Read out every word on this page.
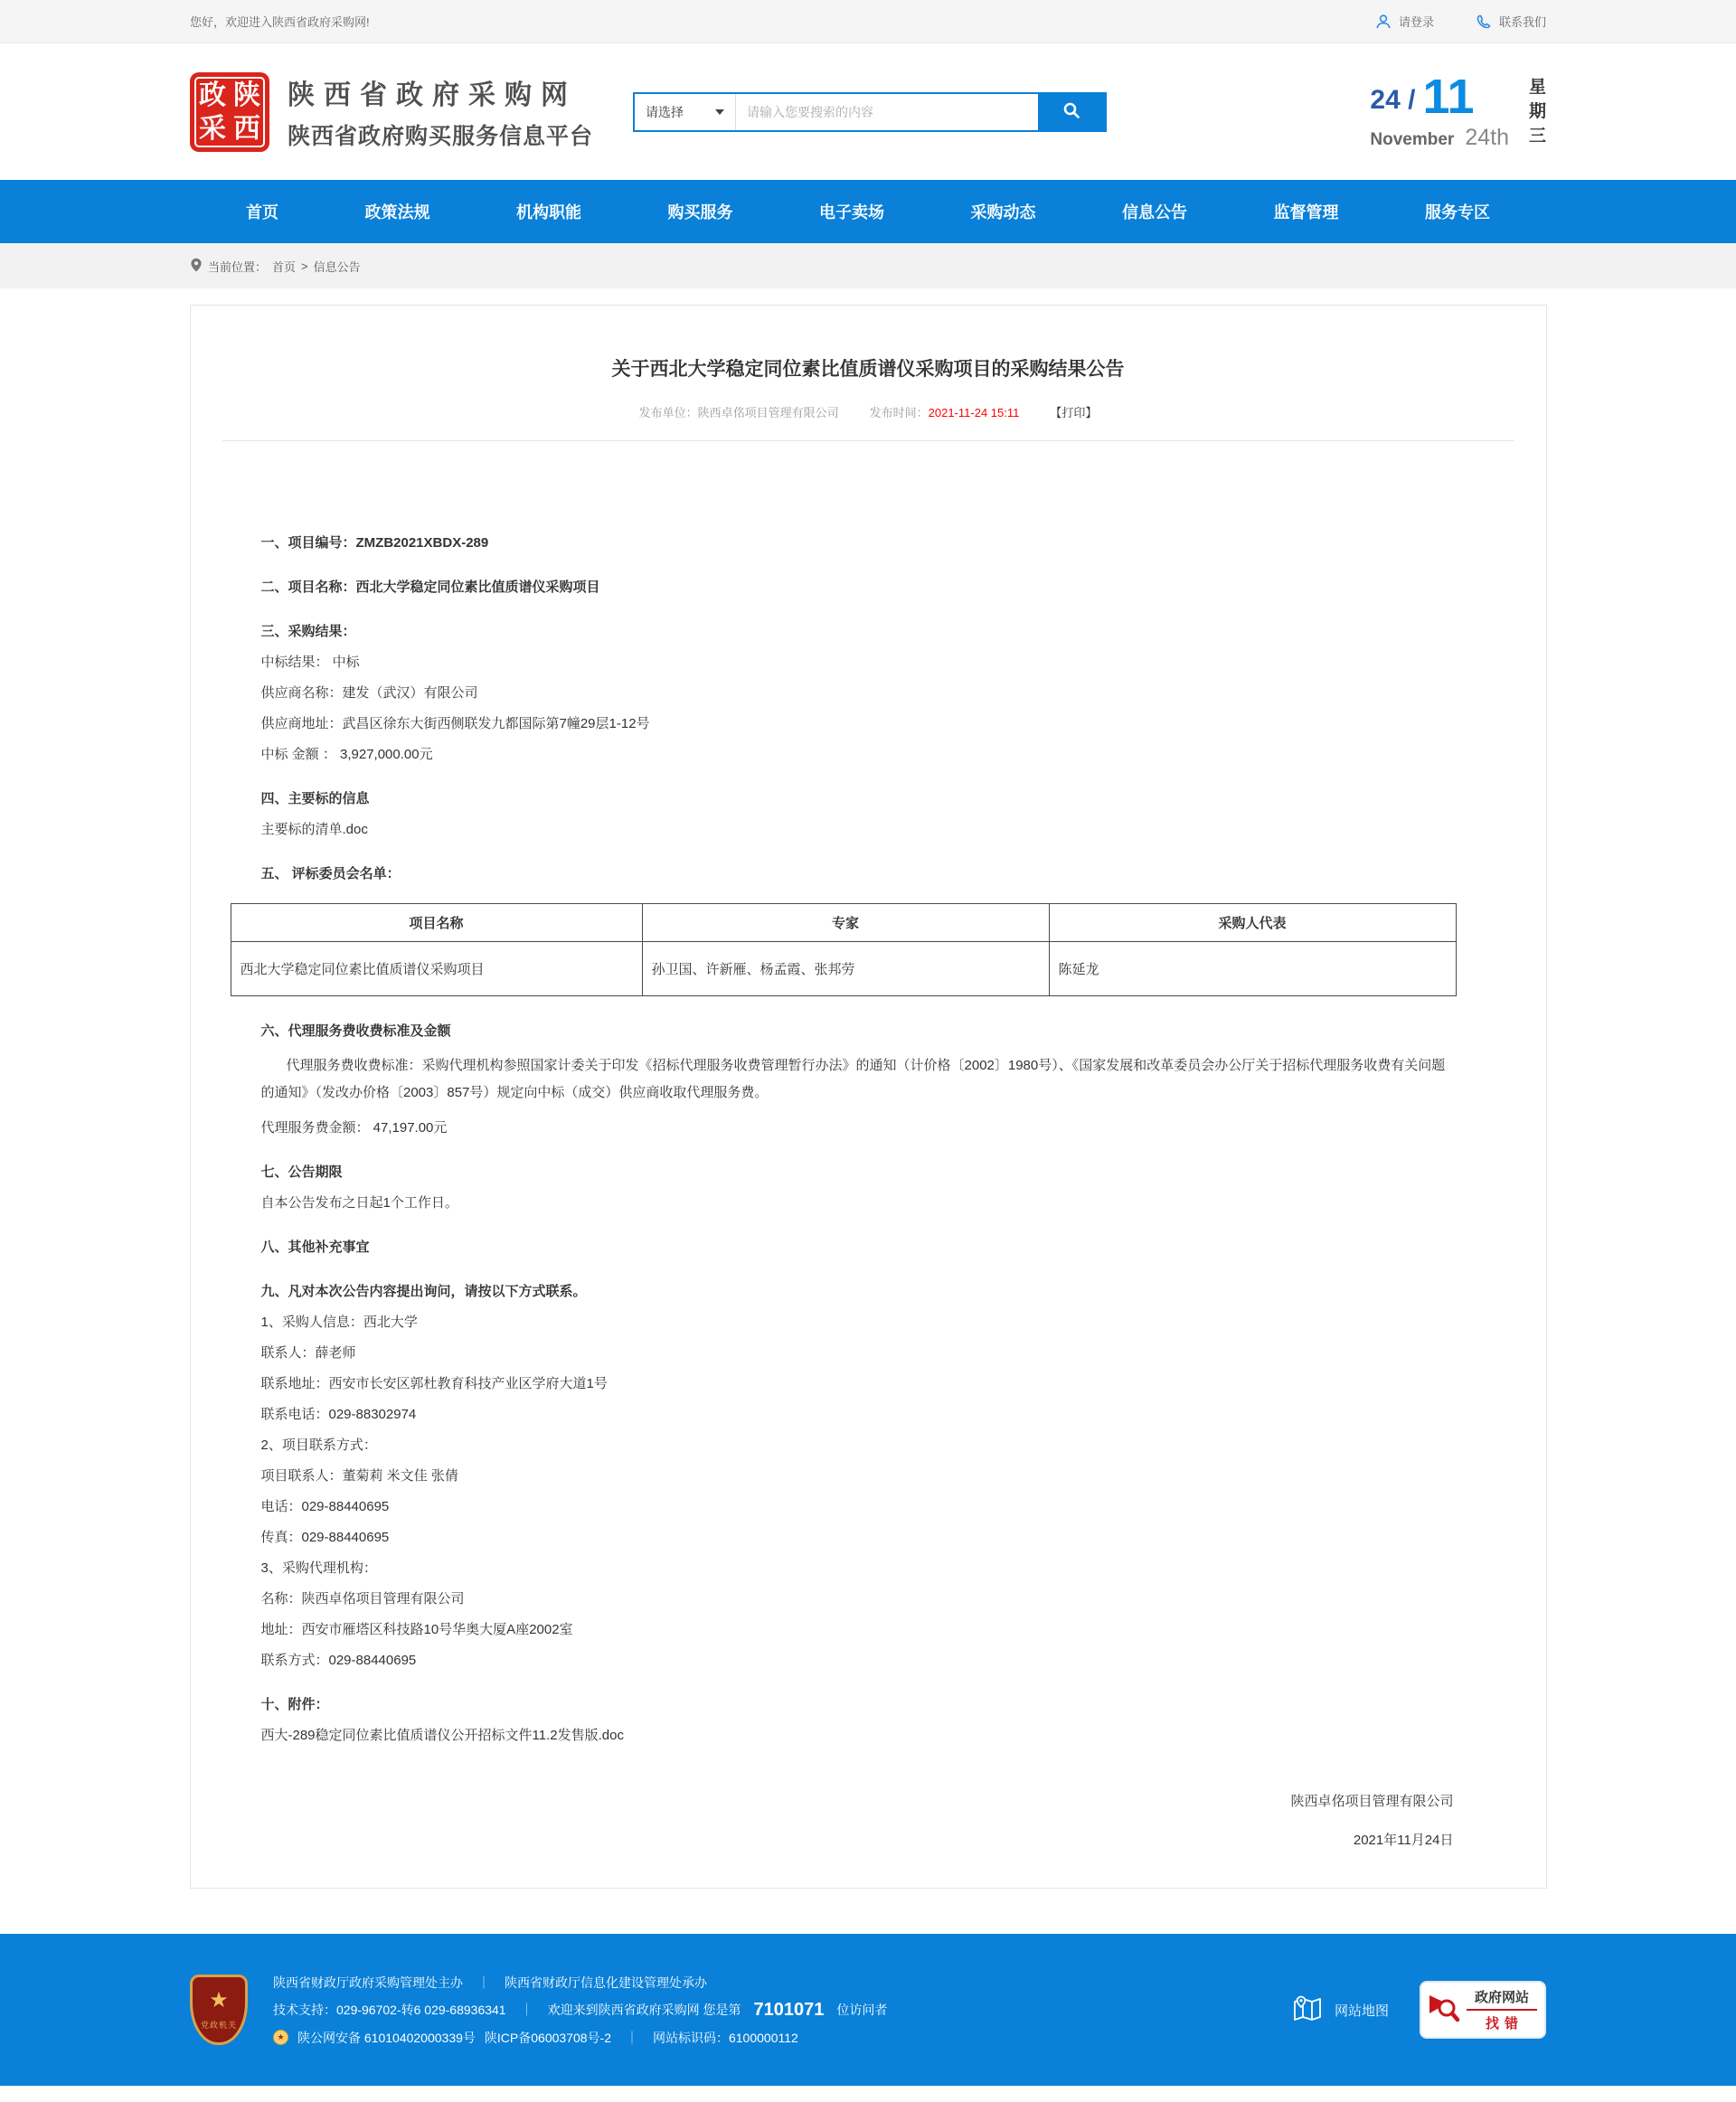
您好，欢迎进入陕西省政府采购网!	请登录	联系我们
政 陕
采 西
陕西省政府采购网
陕西省政府购买服务信息平台
请选择
请输入您要搜索的内容	24 / 11
November 24th
星
期
三
首页	政策法规	机构职能	购买服务	电子卖场	采购动态	信息公告	监督管理	服务专区
当前位置： 首页 > 信息公告
关于西北大学稳定同位素比值质谱仪采购项目的采购结果公告
发布单位：陕西卓佲项目管理有限公司	发布时间：2021-11-24 15:11	【打印】
一、项目编号：ZMZB2021XBDX-289
二、项目名称：西北大学稳定同位素比值质谱仪采购项目
三、采购结果：
中标结果： 中标
供应商名称：建发（武汉）有限公司
供应商地址：武昌区徐东大街西侧联发九都国际第7幢29层1-12号
中标 金额 ： 3,927,000.00元
四、主要标的信息
主要标的清单.doc
五、 评标委员会名单：
项目名称	专家	采购人代表
西北大学稳定同位素比值质谱仪采购项目	孙卫国、许新雁、杨孟霞、张邦劳	陈延龙
六、代理服务费收费标准及金额
代理服务费收费标准：采购代理机构参照国家计委关于印发《招标代理服务收费管理暂行办法》的通知（计价格〔2002〕1980号）、《国家发展和改革委员会办公厅关于招标代理服务收费有关问题的通知》（发改办价格〔2003〕857号）规定向中标（成交）供应商收取代理服务费。
代理服务费金额： 47,197.00元
七、公告期限
自本公告发布之日起1个工作日。
八、其他补充事宜
九、凡对本次公告内容提出询问，请按以下方式联系。
1、采购人信息：西北大学
联系人：薛老师
联系地址：西安市长安区郭杜教育科技产业区学府大道1号
联系电话：029-88302974
2、项目联系方式：
项目联系人：董菊莉 米文佳 张倩
电话：029-88440695
传真：029-88440695
3、采购代理机构：
名称：陕西卓佲项目管理有限公司
地址：西安市雁塔区科技路10号华奥大厦A座2002室
联系方式：029-88440695
十、附件：
西大-289稳定同位素比值质谱仪公开招标文件11.2发售版.doc
陕西卓佲项目管理有限公司
2021年11月24日
★
党政机关
陕西省财政厅政府采购管理处主办	｜	陕西省财政厅信息化建设管理处承办
技术支持：029-96702-转6 029-68936341	｜	欢迎来到陕西省政府采购网 您是第 7101071 位访问者
★	陕公网安备 61010402000339号 陕ICP备06003708号-2	｜	网站标识码：6100000112
网站地图
政府网站
找错
